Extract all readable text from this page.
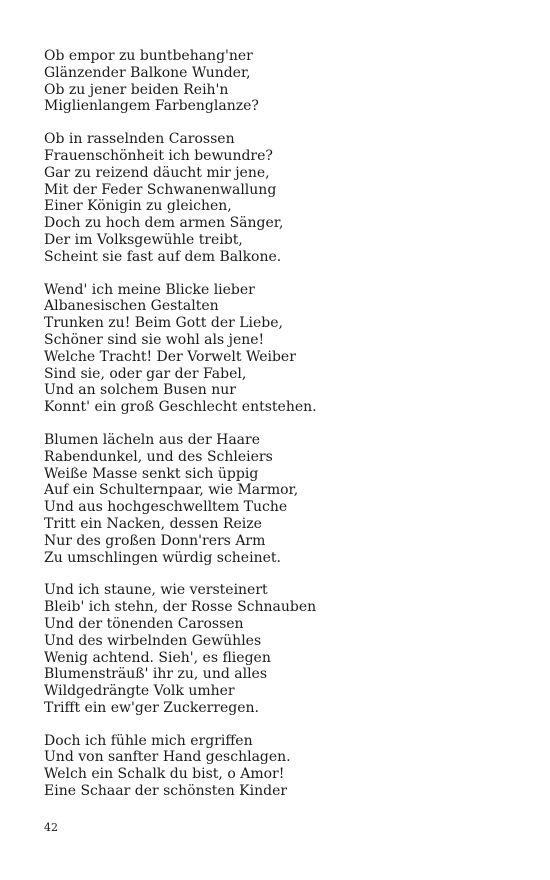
Ob empor zu buntbehang'ner
Glänzender Balkone Wunder,
Ob zu jener beiden Reih'n
Miglienlangem Farbenglanze?
Ob in rasselnden Carossen
Frauenschönheit ich bewundre?
Gar zu reizend däucht mir jene,
Mit der Feder Schwanenwallung
Einer Königin zu gleichen,
Doch zu hoch dem armen Sänger,
Der im Volksgewühle treibt,
Scheint sie fast auf dem Balkone.
Wend' ich meine Blicke lieber
Albanesischen Gestalten
Trunken zu! Beim Gott der Liebe,
Schöner sind sie wohl als jene!
Welche Tracht! Der Vorwelt Weiber
Sind sie, oder gar der Fabel,
Und an solchem Busen nur
Konnt' ein groß Geschlecht entstehen.
Blumen lächeln aus der Haare
Rabendunkel, und des Schleiers
Weiße Masse senkt sich üppig
Auf ein Schulternpaar, wie Marmor,
Und aus hochgeschwelltem Tuche
Tritt ein Nacken, dessen Reize
Nur des großen Donn'rers Arm
Zu umschlingen würdig scheinet.
Und ich staune, wie versteinert
Bleib' ich stehn, der Rosse Schnauben
Und der tönenden Carossen
Und des wirbelnden Gewühles
Wenig achtend. Sieh', es fliegen
Blumensträuß' ihr zu, und alles
Wildgedrängte Volk umher
Trifft ein ew'ger Zuckerregen.
Doch ich fühle mich ergriffen
Und von sanfter Hand geschlagen.
Welch ein Schalk du bist, o Amor!
Eine Schaar der schönsten Kinder
42
